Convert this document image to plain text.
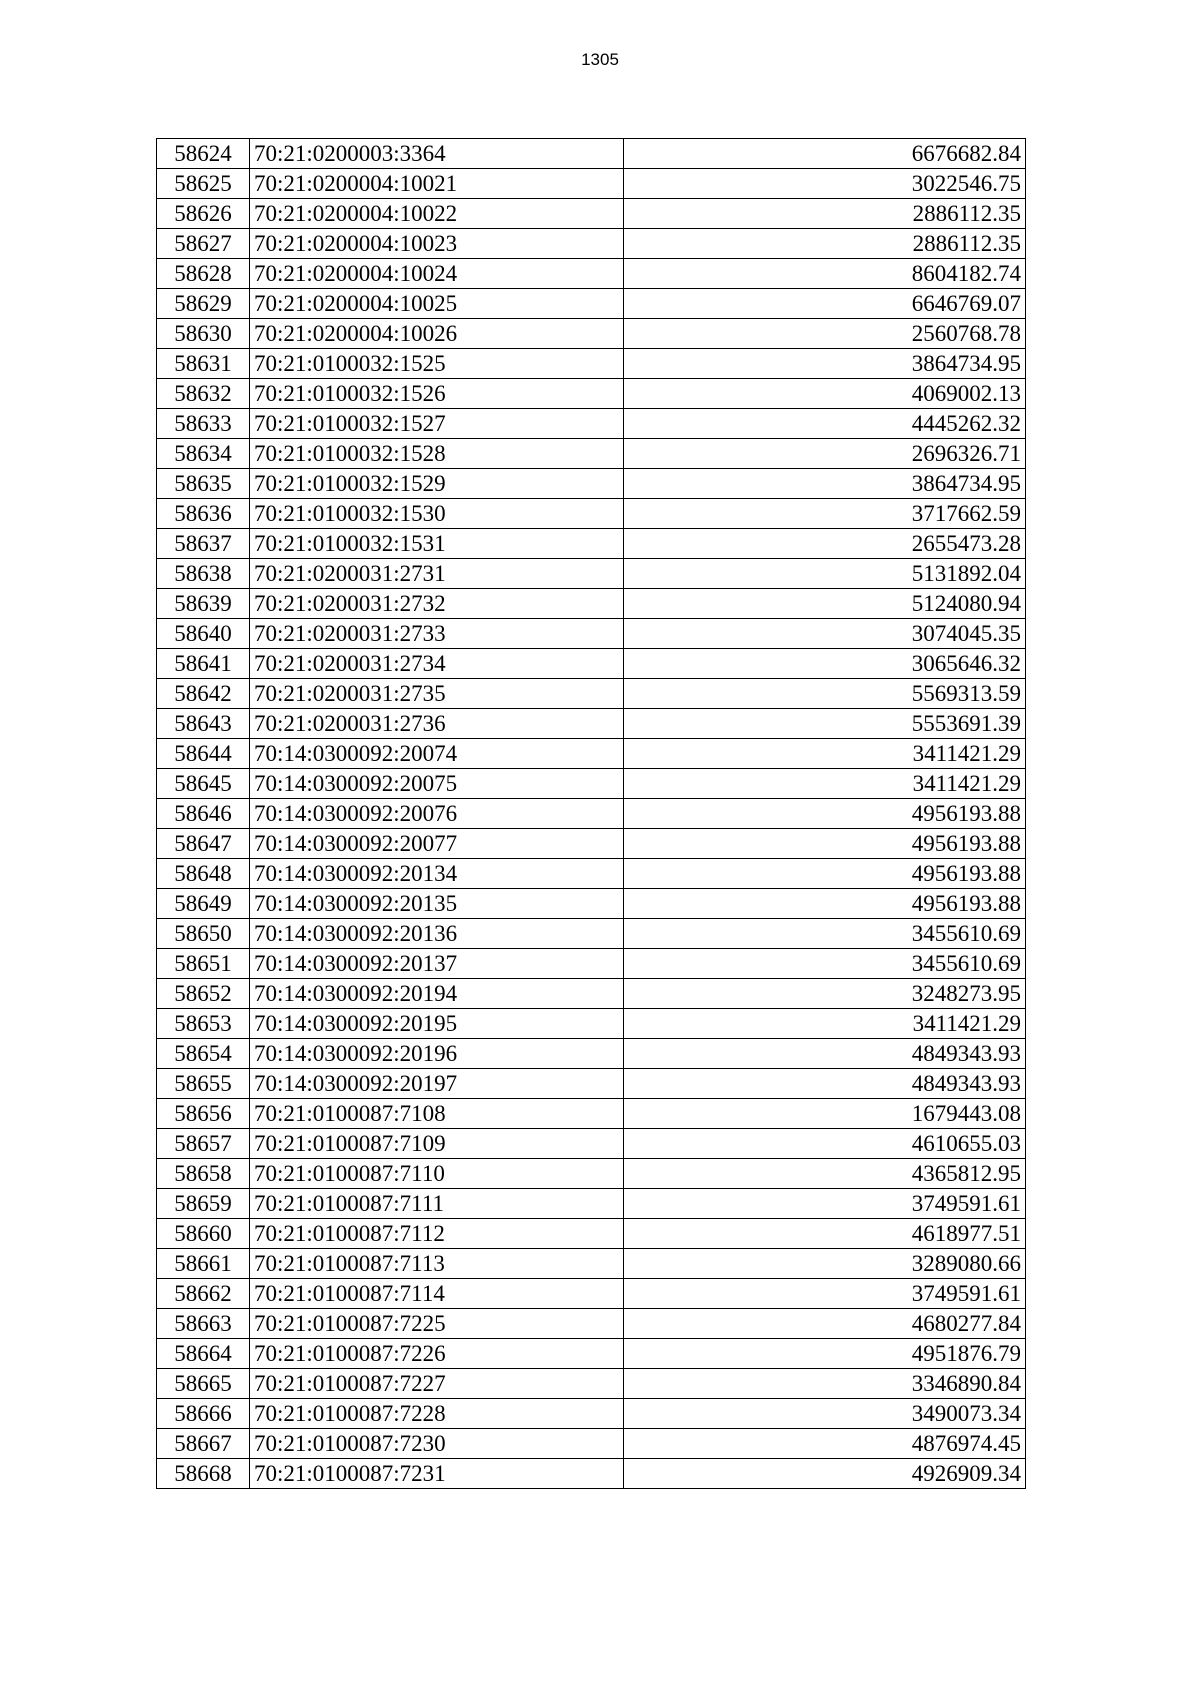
1305
58624	70:21:0200003:3364	6676682.84
58625	70:21:0200004:10021	3022546.75
58626	70:21:0200004:10022	2886112.35
58627	70:21:0200004:10023	2886112.35
58628	70:21:0200004:10024	8604182.74
58629	70:21:0200004:10025	6646769.07
58630	70:21:0200004:10026	2560768.78
58631	70:21:0100032:1525	3864734.95
58632	70:21:0100032:1526	4069002.13
58633	70:21:0100032:1527	4445262.32
58634	70:21:0100032:1528	2696326.71
58635	70:21:0100032:1529	3864734.95
58636	70:21:0100032:1530	3717662.59
58637	70:21:0100032:1531	2655473.28
58638	70:21:0200031:2731	5131892.04
58639	70:21:0200031:2732	5124080.94
58640	70:21:0200031:2733	3074045.35
58641	70:21:0200031:2734	3065646.32
58642	70:21:0200031:2735	5569313.59
58643	70:21:0200031:2736	5553691.39
58644	70:14:0300092:20074	3411421.29
58645	70:14:0300092:20075	3411421.29
58646	70:14:0300092:20076	4956193.88
58647	70:14:0300092:20077	4956193.88
58648	70:14:0300092:20134	4956193.88
58649	70:14:0300092:20135	4956193.88
58650	70:14:0300092:20136	3455610.69
58651	70:14:0300092:20137	3455610.69
58652	70:14:0300092:20194	3248273.95
58653	70:14:0300092:20195	3411421.29
58654	70:14:0300092:20196	4849343.93
58655	70:14:0300092:20197	4849343.93
58656	70:21:0100087:7108	1679443.08
58657	70:21:0100087:7109	4610655.03
58658	70:21:0100087:7110	4365812.95
58659	70:21:0100087:7111	3749591.61
58660	70:21:0100087:7112	4618977.51
58661	70:21:0100087:7113	3289080.66
58662	70:21:0100087:7114	3749591.61
58663	70:21:0100087:7225	4680277.84
58664	70:21:0100087:7226	4951876.79
58665	70:21:0100087:7227	3346890.84
58666	70:21:0100087:7228	3490073.34
58667	70:21:0100087:7230	4876974.45
58668	70:21:0100087:7231	4926909.34
